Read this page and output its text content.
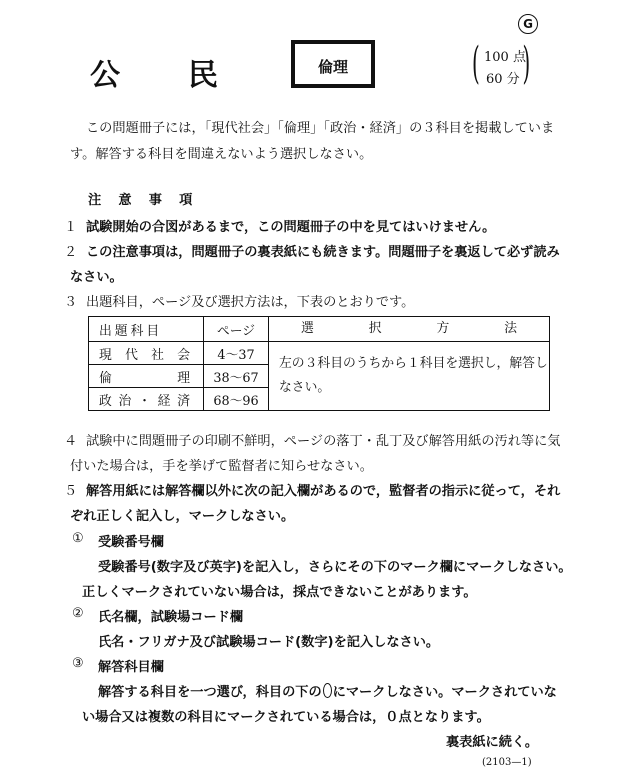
G
公 民	倫理	( 100 点
60 分 )
この問題冊子には，「現代社会」「倫理」「政治・経済」の３科目を掲載していま
す。解答する科目を間違えないよう選択しなさい。
注　意　事　項
１ 試験開始の合図があるまで，この問題冊子の中を見てはいけません。
２ この注意事項は，問題冊子の裏表紙にも続きます。問題冊子を裏返して必ず読み
なさい。
３ 出題科目，ページ及び選択方法は，下表のとおりです。
出題科目	ページ	選 択 方 法

現 代 社 会	4〜37	左の３科目のうちから１科目を選択し，解答しなさい。

倫 理	38〜67	

政 治 ・ 経 済	68〜96	
４ 試験中に問題冊子の印刷不鮮明，ページの落丁・乱丁及び解答用紙の汚れ等に気
付いた場合は，手を挙げて監督者に知らせなさい。
５ 解答用紙には解答欄以外に次の記入欄があるので，監督者の指示に従って，それ
ぞれ正しく記入し，マークしなさい。
① 受験番号欄
受験番号(数字及び英字)を記入し，さらにその下のマーク欄にマークしなさい。
正しくマークされていない場合は，採点できないことがあります。
② 氏名欄，試験場コード欄
氏名・フリガナ及び試験場コード(数字)を記入しなさい。
③ 解答科目欄
解答する科目を一つ選び，科目の下の にマークしなさい。マークされていな
い場合又は複数の科目にマークされている場合は，０点となります。
裏表紙に続く。
(2103—1)
